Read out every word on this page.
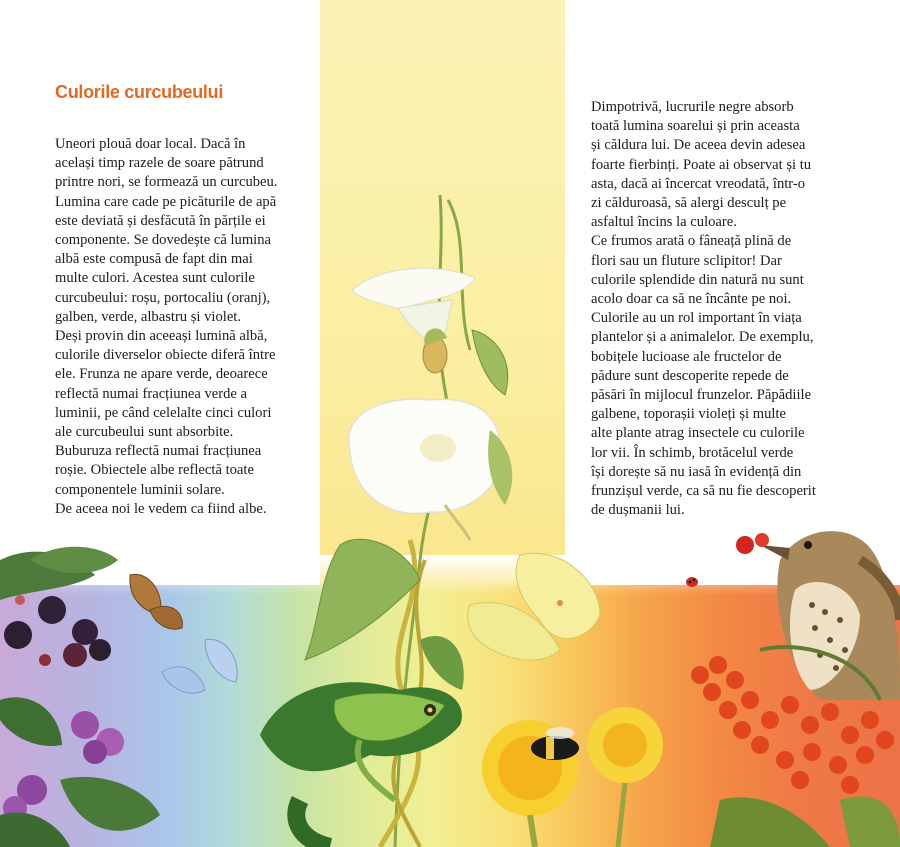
Culorile curcubeului

Uneori plouă doar local. Dacă în

același timp razele de soare pătrund

printre nori, se formează un curcubeu.

Lumina care cade pe picăturile de apă

este deviată și desfăcută în părțile ei

componente. Se dovedește că lumina

albă este compusă de fapt din mai

multe culori. Acestea sunt culorile

curcubeului: roșu, portocaliu (oranj),

galben, verde, albastru și violet.

Deși provin din aceeași lumină albă,

culorile diverselor obiecte diferă între

ele. Frunza ne apare verde, deoarece

reflectă numai fracțiunea verde a

luminii, pe când celelalte cinci culori

ale curcubeului sunt absorbite.

Buburuza reflectă numai fracțiunea

roșie. Obiectele albe reflectă toate

componentele luminii solare.

De aceea noi le vedem ca fiind albe.

Dimpotrivă, lucrurile negre absorb

toată lumina soarelui și prin aceasta

și căldura lui. De aceea devin adesea

foarte fierbinți. Poate ai observat și tu

asta, dacă ai încercat vreodată, într-o

zi călduroasă, să alergi desculț pe

asfaltul încins la culoare.

Ce frumos arată o fâneață plină de

flori sau un fluture sclipitor! Dar

culorile splendide din natură nu sunt

acolo doar ca să ne încânte pe noi.

Culorile au un rol important în viața

plantelor și a animalelor. De exemplu,

bobițele lucioase ale fructelor de

pădure sunt descoperite repede de

păsări în mijlocul frunzelor. Păpădiile

galbene, toporașii violeți și multe

alte plante atrag insectele cu culorile

lor vii. În schimb, brotăcelul verde

își dorește să nu iasă în evidență din

frunzișul verde, ca să nu fie descoperit

de dușmanii lui.
